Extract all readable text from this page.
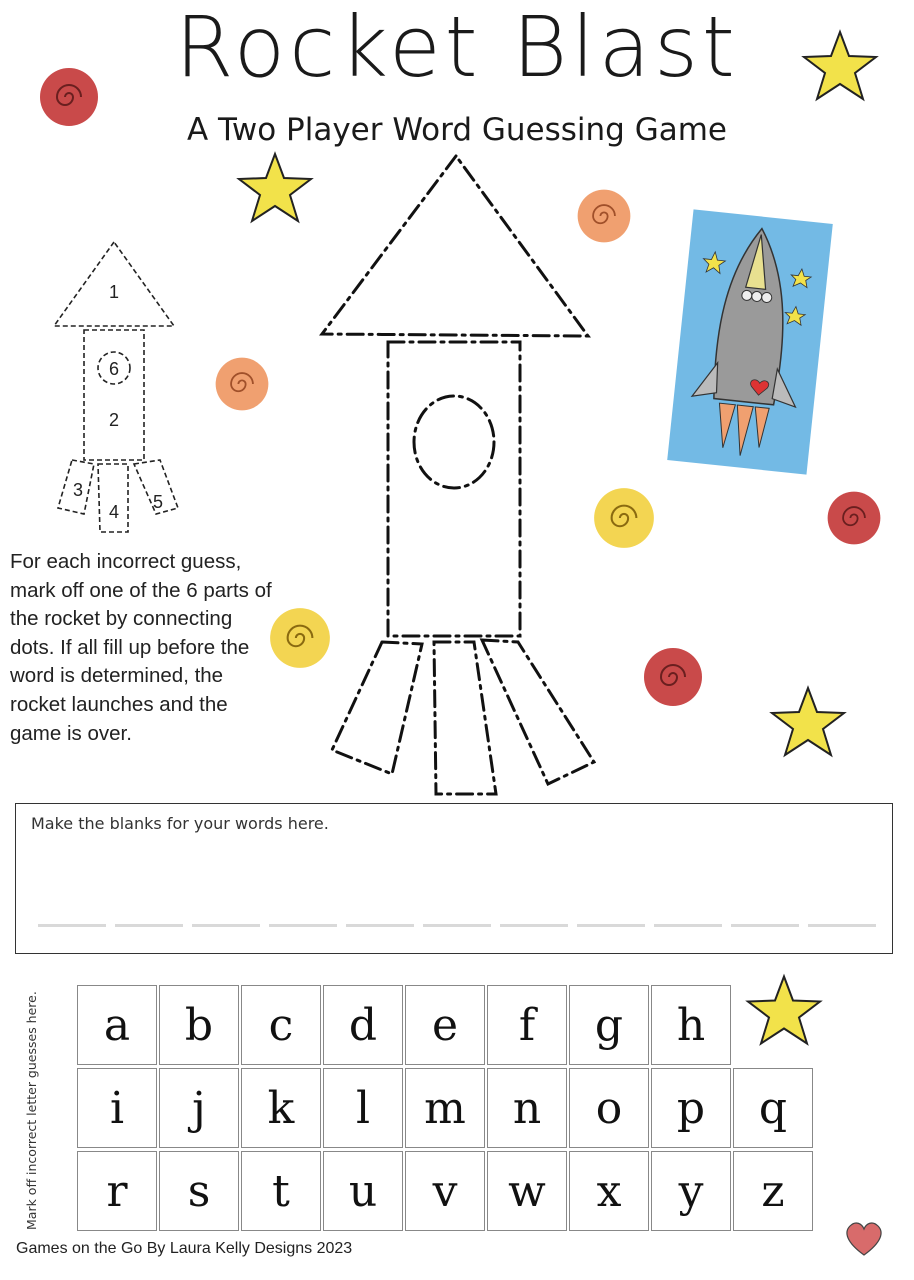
Rocket Blast
A Two Player Word Guessing Game
1
6
2
3
4 5
For each incorrect guess, mark off one of the 6 parts of the rocket by connecting dots. If all fill up before the word is determined, the rocket launches and the game is over.
Make the blanks for your words here.
Mark off incorrect letter guesses here.	a	b	c	d	e	f	g	h
i	j	k	l	m	n	o	p	q
r	s	t	u	v	w	x	y	z
Games on the Go By Laura Kelly Designs 2023
